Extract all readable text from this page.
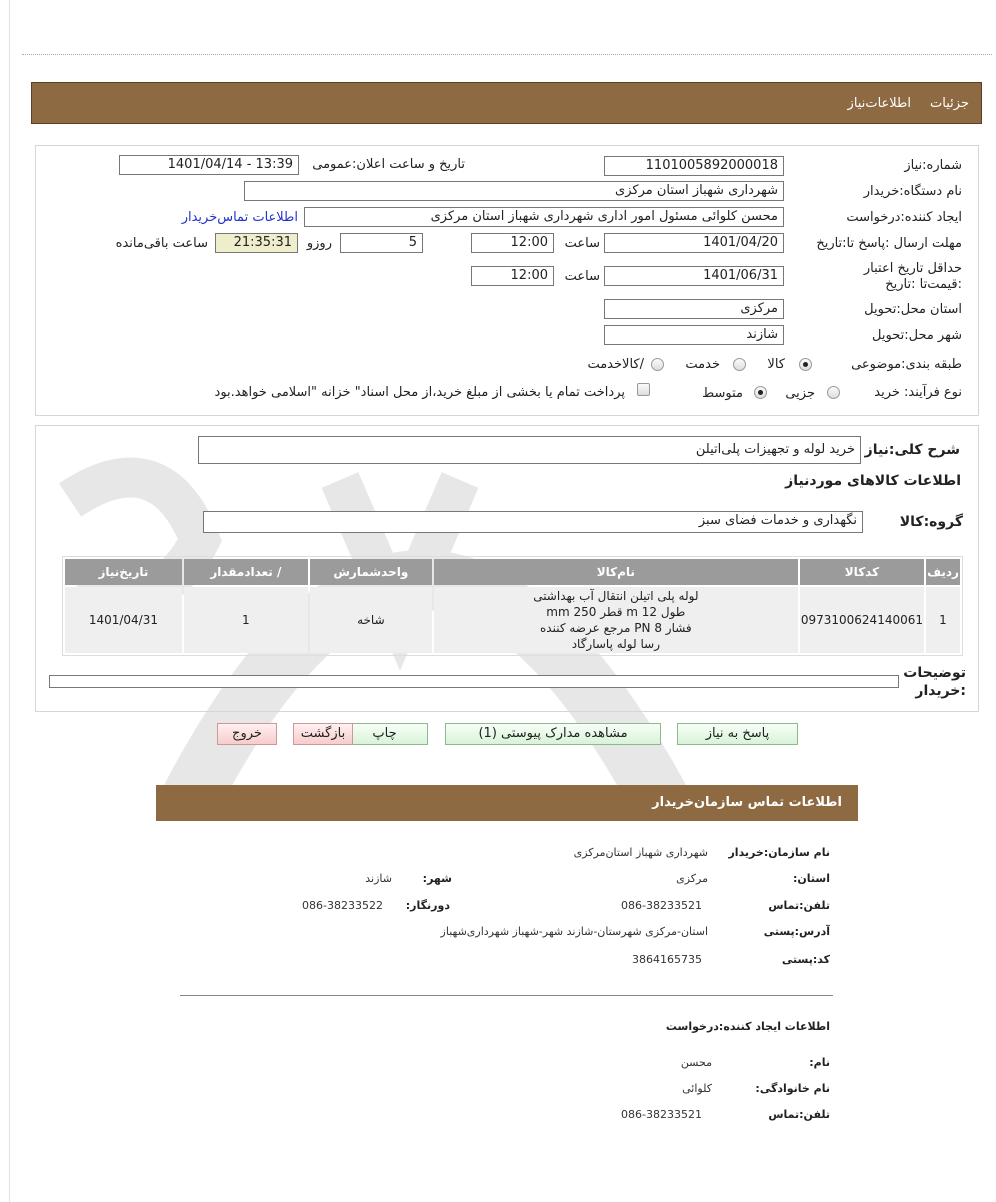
جزئیات
اطلاعات‌نیاز
شماره:نیاز
1101005892000018
تاریخ و ساعت اعلان:عمومی
1401/04/14 - 13:39
نام دستگاه:خریدار
شهرداری شهباز استان مرکزی
ایجاد کننده:درخواست
محسن کلوائی مسئول امور اداری شهرداری شهباز استان مرکزی
اطلاعات تماس‌خریدار
مهلت ارسال :پاسخ تا:تاریخ
1401/04/20
ساعت
12:00
5
روزو
21:35:31
ساعت باقی‌مانده
حداقل تاریخ اعتبار :قیمت‌تا :تاریخ
1401/06/31
ساعت
12:00
استان محل:تحویل
مرکزی
شهر محل:تحویل
شازند
طبقه بندی:موضوعی
کالا
خدمت
/کالاخدمت
نوع فرآیند: خرید
جزیی
متوسط
پرداخت تمام یا بخشی از مبلغ خرید،از محل اسناد" خزانه "اسلامی خواهد.بود
شرح کلی:نیاز
خرید لوله و تجهیزات پلی‌اتیلن
اطلاعات کالاهای موردنیاز
گروه:کالا
نگهداری و خدمات فضای سبز
ردیف	کدکالا	نام‌کالا	واحدشمارش	/ تعدادمقدار	تاریخ‌نیاز
1	0973100624140061	لوله پلی اتیلن انتقال آب بهداشتی
طول 12 m قطر 250 mm
فشار 8 PN مرجع عرضه کننده
رسا لوله پاسارگاد	شاخه	1	1401/04/31
توضیحات :خریدار
پاسخ به نیاز
مشاهده مدارک پیوستی (1)
چاپ
بازگشت
خروج
اطلاعات تماس سازمان‌خریدار
نام سازمان:خریدار
شهرداری شهباز استان‌مرکزی
استان:
مرکزی
شهر:
شازند
تلفن:تماس
086-38233521
دورنگار:
086-38233522
آدرس:پستی
استان-مرکزی شهرستان-شازند شهر-شهباز شهرداری‌شهباز
کد:پستی
3864165735
اطلاعات ایجاد کننده:درخواست
نام:
محسن
نام خانوادگی:
کلوائی
تلفن:تماس
086-38233521
